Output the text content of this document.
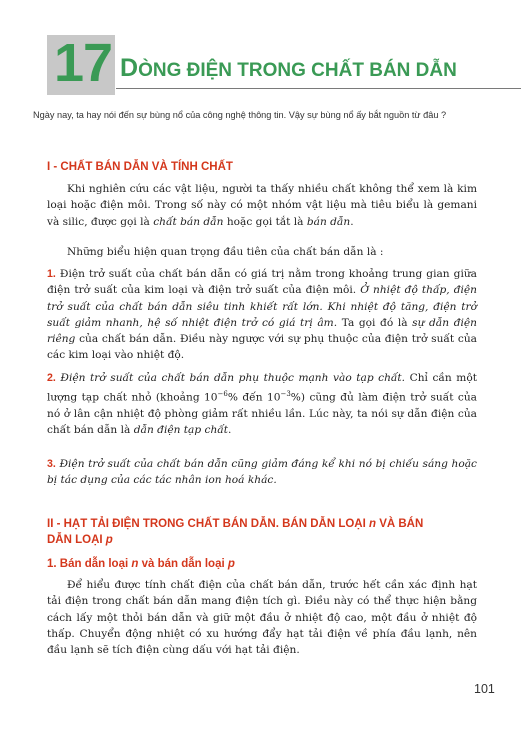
17 DÒNG ĐIỆN TRONG CHẤT BÁN DẪN
Ngày nay, ta hay nói đến sự bùng nổ của công nghệ thông tin. Vậy sự bùng nổ ấy bắt nguồn từ đâu ?
I - CHẤT BÁN DẪN VÀ TÍNH CHẤT
Khi nghiên cứu các vật liệu, người ta thấy nhiều chất không thể xem là kim loại hoặc điện môi. Trong số này có một nhóm vật liệu mà tiêu biểu là gemani và silic, được gọi là chất bán dẫn hoặc gọi tắt là bán dẫn.
Những biểu hiện quan trọng đầu tiên của chất bán dẫn là :
1. Điện trở suất của chất bán dẫn có giá trị nằm trong khoảng trung gian giữa điện trở suất của kim loại và điện trở suất của điện môi. Ở nhiệt độ thấp, điện trở suất của chất bán dẫn siêu tinh khiết rất lớn. Khi nhiệt độ tăng, điện trở suất giảm nhanh, hệ số nhiệt điện trở có giá trị âm. Ta gọi đó là sự dẫn điện riêng của chất bán dẫn. Điều này ngược với sự phụ thuộc của điện trở suất của các kim loại vào nhiệt độ.
2. Điện trở suất của chất bán dẫn phụ thuộc mạnh vào tạp chất. Chỉ cần một lượng tạp chất nhỏ (khoảng $10^{-6}\%$ đến $10^{-3}\%$) cũng đủ làm điện trở suất của nó ở lân cận nhiệt độ phòng giảm rất nhiều lần. Lúc này, ta nói sự dẫn điện của chất bán dẫn là dẫn điện tạp chất.
3. Điện trở suất của chất bán dẫn cũng giảm đáng kể khi nó bị chiếu sáng hoặc bị tác dụng của các tác nhân ion hoá khác.
II - HẠT TẢI ĐIỆN TRONG CHẤT BÁN DẪN. BÁN DẪN LOẠI n VÀ BÁN DẪN LOẠI p
1. Bán dẫn loại n và bán dẫn loại p
Để hiểu được tính chất điện của chất bán dẫn, trước hết cần xác định hạt tải điện trong chất bán dẫn mang điện tích gì. Điều này có thể thực hiện bằng cách lấy một thỏi bán dẫn và giữ một đầu ở nhiệt độ cao, một đầu ở nhiệt độ thấp. Chuyển động nhiệt có xu hướng đẩy hạt tải điện về phía đầu lạnh, nên đầu lạnh sẽ tích điện cùng dấu với hạt tải điện.
101
